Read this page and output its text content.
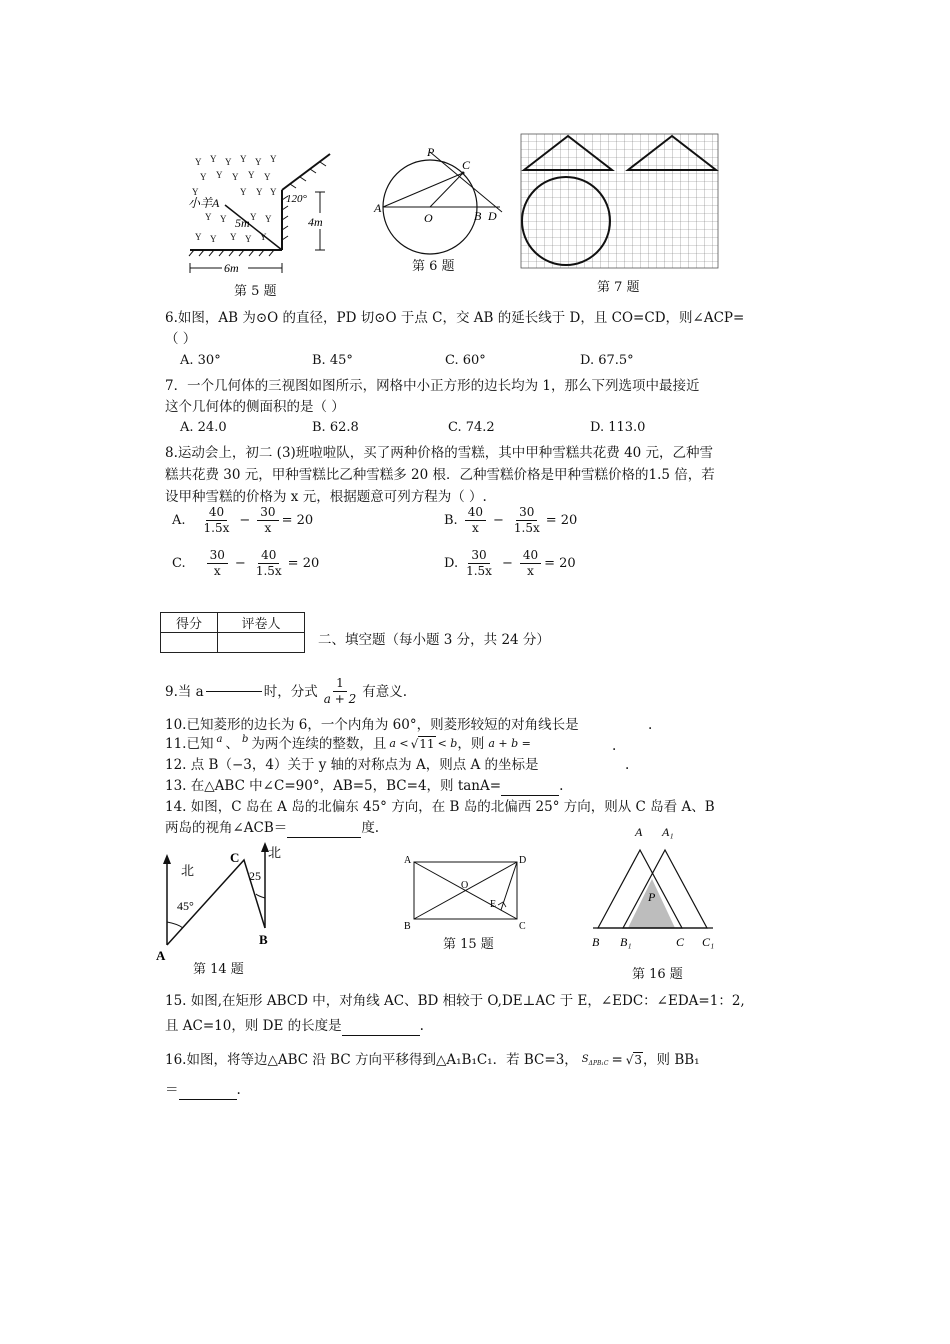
Y Y Y Y Y Y
Y Y Y Y Y
Y	Y Y Y
Y Y	Y Y
Y Y Y Y Y
小羊A
5m
120°
4m
6m
第 5 题
P
C
A
O	B D
第 6 题
第 7 题
6.如图，AB 为⊙O 的直径，PD 切⊙O 于点 C，交 AB 的延长线于 D，且 CO=CD，则∠ACP=
（ ）
A. 30°	B. 45°	C. 60°	D. 67.5°
7．一个几何体的三视图如图所示，网格中小正方形的边长均为 1，那么下列选项中最接近
这个几何体的侧面积的是（ ）
A. 24.0	B. 62.8	C. 74.2	D. 113.0
8.运动会上，初二 (3)班啦啦队，买了两种价格的雪糕，其中甲种雪糕共花费 40 元，乙种雪
糕共花费 30 元，甲种雪糕比乙种雪糕多 20 根．乙种雪糕价格是甲种雪糕价格的1.5 倍，若
设甲种雪糕的价格为 x 元，根据题意可列方程为（ ）.
A. $\frac{40}{1.5x} - \frac{30}{x} = 20$	B. $\frac{40}{x} - \frac{30}{1.5x} = 20$
C. $\frac{30}{x} - \frac{40}{1.5x} = 20$	D. $\frac{30}{1.5x} - \frac{40}{x} = 20$
得分	评卷人

二、填空题（每小题 3 分，共 24 分）
9.当 a	时，分式 $\frac{1}{a + 2}$ 有意义.
10.已知菱形的边长为 6，一个内角为 60°，则菱形较短的对角线长是	.
11.已知 a 、 b 为两个连续的整数，且 a < √11 < b ，则 a + b =	.
12. 点 B（−3，4）关于 y 轴的对称点为 A，则点 A 的坐标是	.
13. 在△ABC 中∠C=90°，AB=5，BC=4，则 tanA=	.
14. 如图，C 岛在 A 岛的北偏东 45° 方向，在 B 岛的北偏西 25° 方向，则从 C 岛看 A、B
两岛的视角∠ACB＝	度.
北
北
45°
25
C
A
B
第 14 题
A	D
B	C
O
E
第 15 题
A A₁
P
B B₁	C C₁
第 16 题
15. 如图,在矩形 ABCD 中，对角线 AC、BD 相较于 O,DE⊥AC 于 E，∠EDC：∠EDA=1：2,
且 AC=10，则 DE 的长度是	.
16.如图，将等边△ABC 沿 BC 方向平移得到△A₁B₁C₁．若 BC=3， S ΔPB₁C = √3 ，则 BB₁
＝	.
